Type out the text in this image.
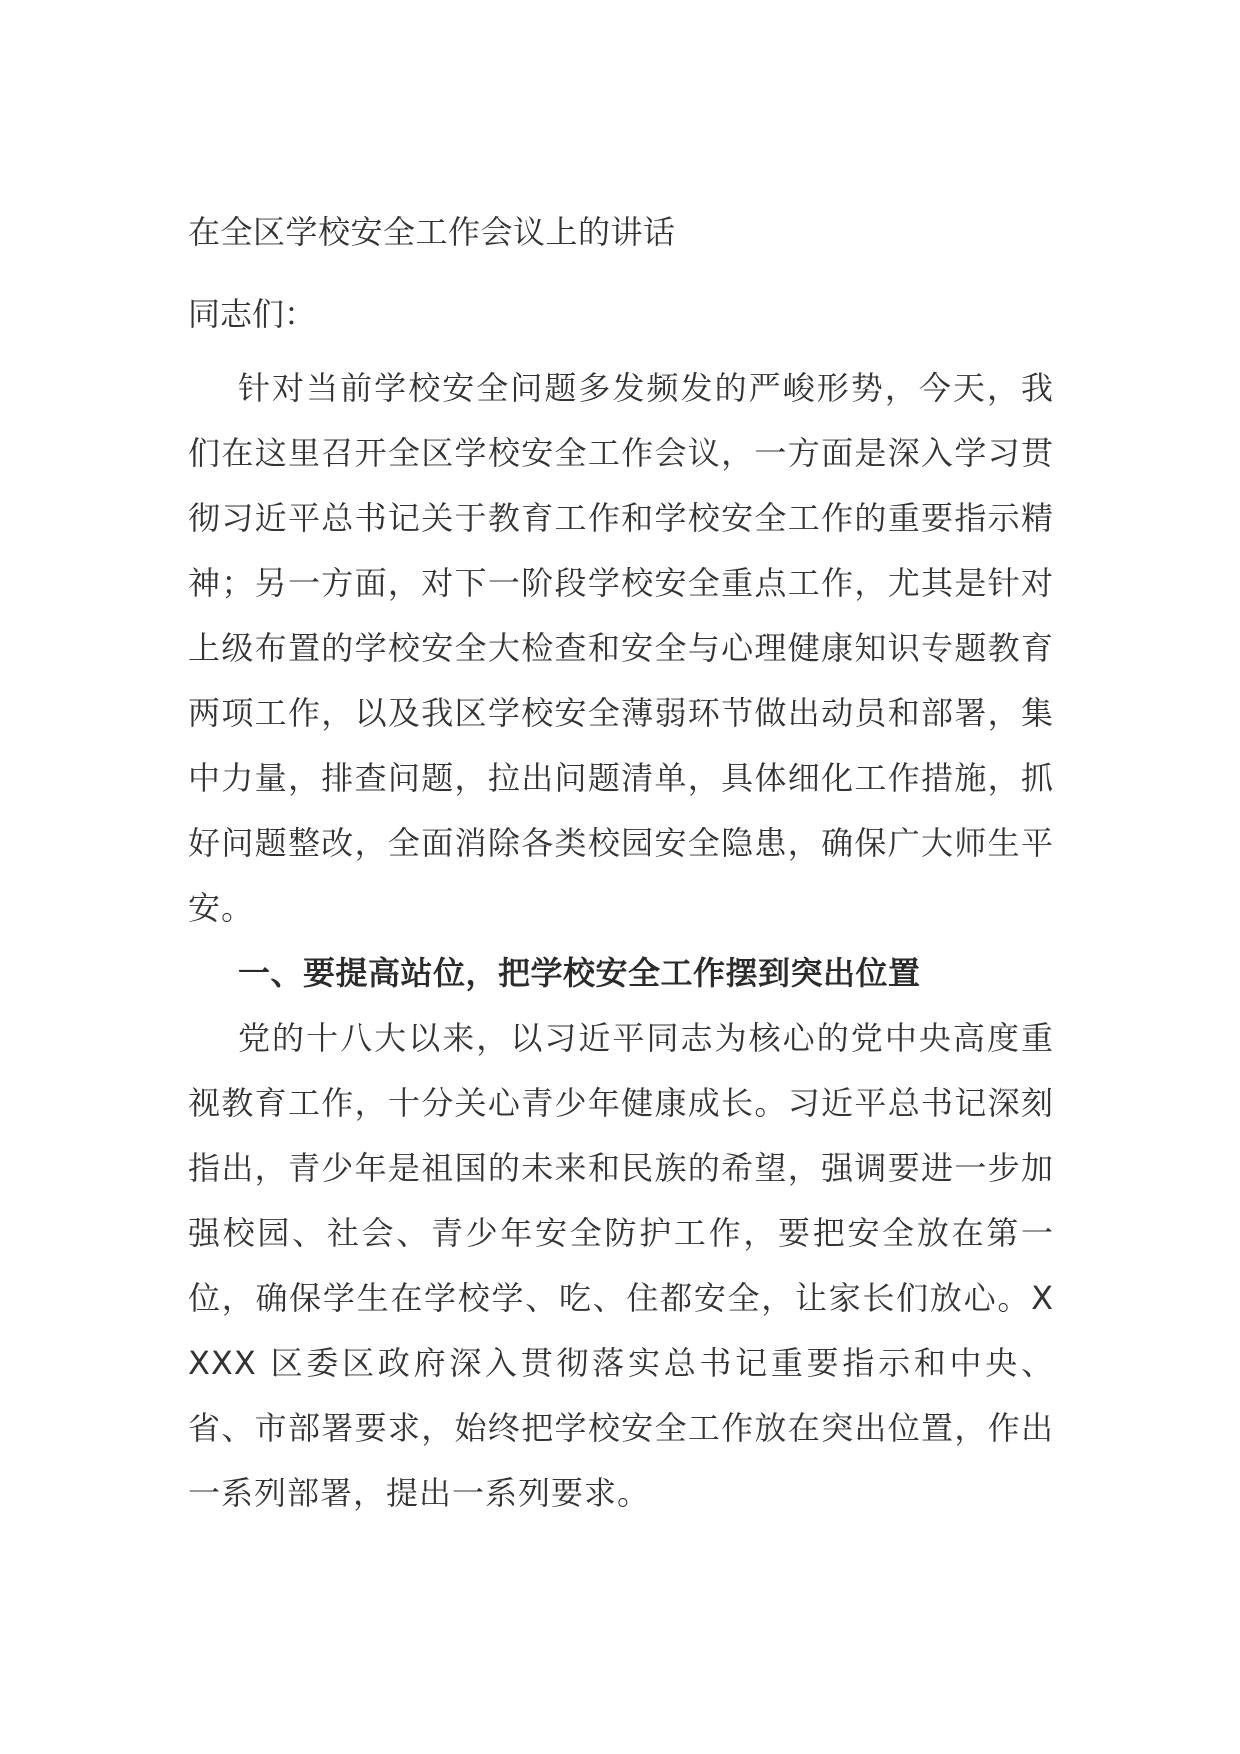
在全区学校安全工作会议上的讲话

同志们：

针对当前学校安全问题多发频发的严峻形势，今天，我们在这里召开全区学校安全工作会议，一方面是深入学习贯彻习近平总书记关于教育工作和学校安全工作的重要指示精神；另一方面，对下一阶段学校安全重点工作，尤其是针对上级布置的学校安全大检查和安全与心理健康知识专题教育两项工作，以及我区学校安全薄弱环节做出动员和部署，集中力量，排查问题，拉出问题清单，具体细化工作措施，抓好问题整改，全面消除各类校园安全隐患，确保广大师生平安。

一、要提高站位，把学校安全工作摆到突出位置

党的十八大以来，以习近平同志为核心的党中央高度重视教育工作，十分关心青少年健康成长。习近平总书记深刻指出，青少年是祖国的未来和民族的希望，强调要进一步加强校园、社会、青少年安全防护工作，要把安全放在第一位，确保学生在学校学、吃、住都安全，让家长们放心。XXXX 区委区政府深入贯彻落实总书记重要指示和中央、省、市部署要求，始终把学校安全工作放在突出位置，作出一系列部署，提出一系列要求。
